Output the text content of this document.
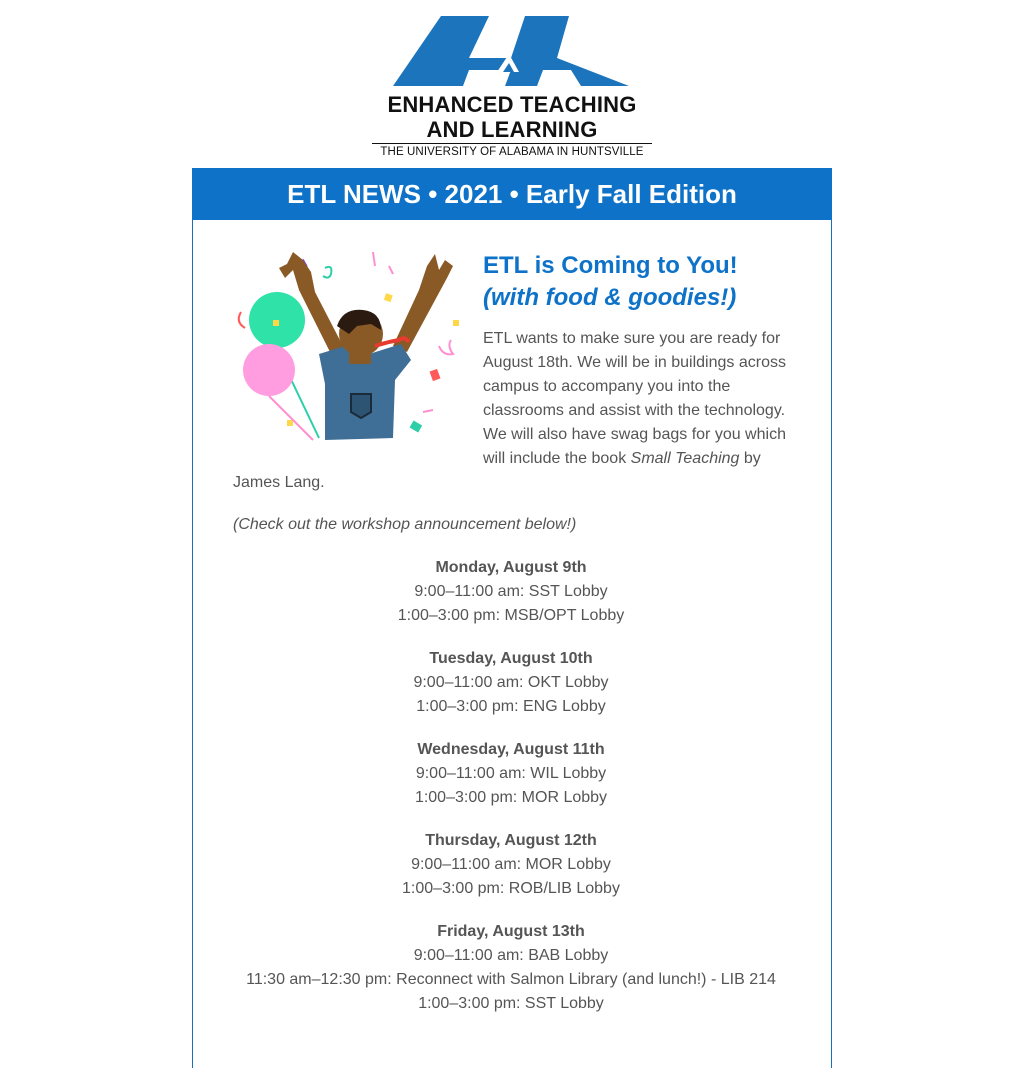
ENHANCED TEACHING
AND LEARNING
THE UNIVERSITY OF ALABAMA IN HUNTSVILLE
ETL NEWS • 2021 • Early Fall Edition

ETL is Coming to You!

(with food & goodies!)

ETL wants to make sure you are ready for August 18th. We will be in buildings across campus to accompany you into the classrooms and assist with the technology. We will also have swag bags for you which will include the book Small Teaching by James Lang.

(Check out the workshop announcement below!)

Monday, August 9th
9:00–11:00 am: SST Lobby
1:00–3:00 pm: MSB/OPT Lobby
Tuesday, August 10th
9:00–11:00 am: OKT Lobby
1:00–3:00 pm: ENG Lobby
Wednesday, August 11th
9:00–11:00 am: WIL Lobby
1:00–3:00 pm: MOR Lobby
Thursday, August 12th
9:00–11:00 am: MOR Lobby
1:00–3:00 pm: ROB/LIB Lobby
Friday, August 13th
9:00–11:00 am: BAB Lobby
11:30 am–12:30 pm: Reconnect with Salmon Library (and lunch!) - LIB 214
1:00–3:00 pm: SST Lobby
